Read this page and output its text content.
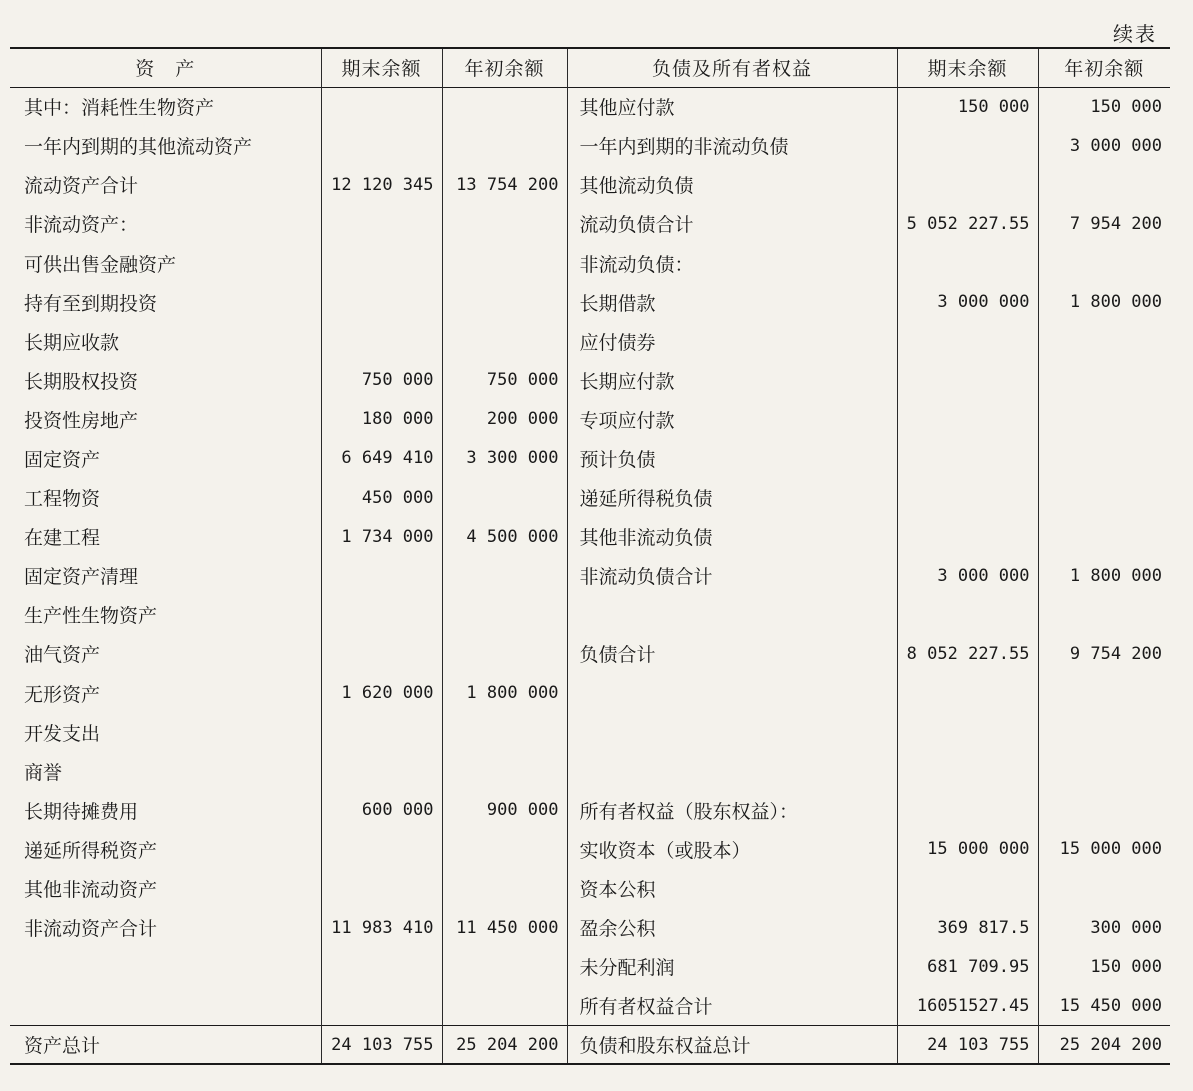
续表
资　产	期末余额	年初余额	负债及所有者权益	期末余额	年初余额
其中：消耗性生物资产			其他应付款	150 000	150 000
一年内到期的其他流动资产			一年内到期的非流动负债		3 000 000
流动资产合计	12 120 345	13 754 200	其他流动负债		
非流动资产：			流动负债合计	5 052 227.55	7 954 200
可供出售金融资产			非流动负债：		
持有至到期投资			长期借款	3 000 000	1 800 000
长期应收款			应付债券		
长期股权投资	750 000	750 000	长期应付款		
投资性房地产	180 000	200 000	专项应付款		
固定资产	6 649 410	3 300 000	预计负债		
工程物资	450 000		递延所得税负债		
在建工程	1 734 000	4 500 000	其他非流动负债		
固定资产清理			非流动负债合计	3 000 000	1 800 000
生产性生物资产					
油气资产			负债合计	8 052 227.55	9 754 200
无形资产	1 620 000	1 800 000			
开发支出					
商誉					
长期待摊费用	600 000	900 000	所有者权益（股东权益）：		
递延所得税资产			实收资本（或股本）	15 000 000	15 000 000
其他非流动资产			资本公积		
非流动资产合计	11 983 410	11 450 000	盈余公积	369 817.5	300 000
			未分配利润	681 709.95	150 000
			所有者权益合计	16051527.45	15 450 000
资产总计	24 103 755	25 204 200	负债和股东权益总计	24 103 755	25 204 200
